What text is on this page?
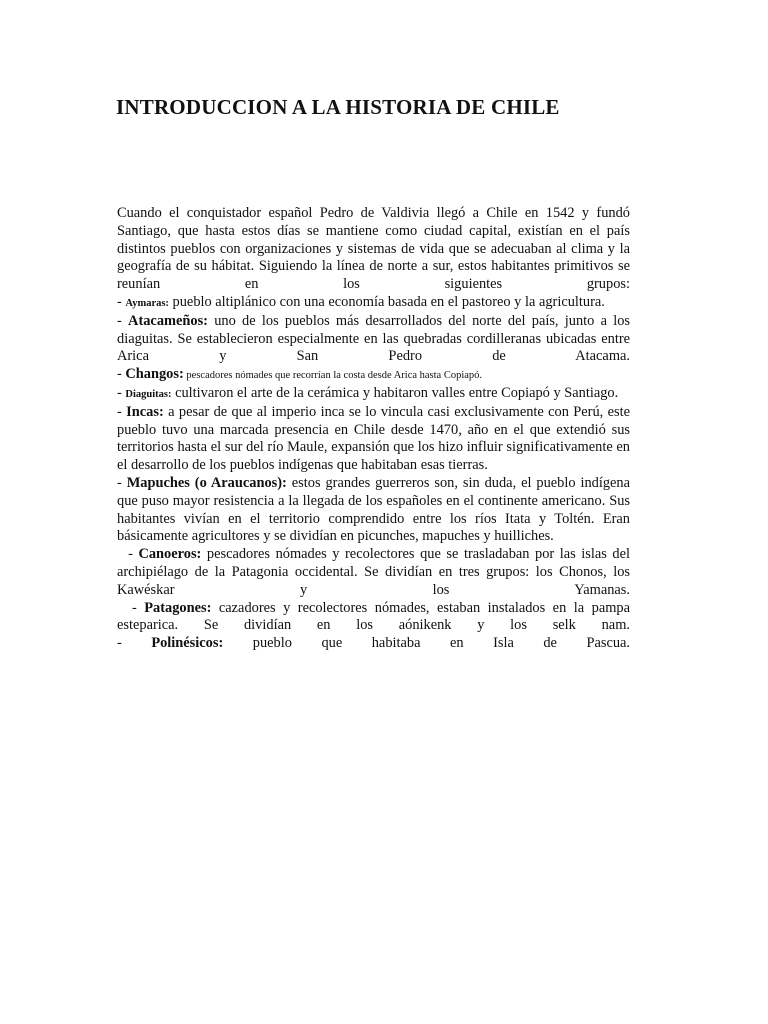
INTRODUCCION A LA HISTORIA DE CHILE

Cuando el conquistador español Pedro de Valdivia llegó a Chile en 1542 y fundó Santiago, que hasta estos días se mantiene como ciudad capital, existían en el país distintos pueblos con organizaciones y sistemas de vida que se adecuaban al clima y la geografía de su hábitat. Siguiendo la línea de norte a sur, estos habitantes primitivos se reunían en los siguientes grupos:

- Aymaras: pueblo altiplánico con una economía basada en el pastoreo y la agricultura.

- Atacameños: uno de los pueblos más desarrollados del norte del país, junto a los diaguitas. Se establecieron especialmente en las quebradas cordilleranas ubicadas entre Arica y San Pedro de Atacama.

- Changos: pescadores nómades que recorrían la costa desde Arica hasta Copiapó.

- Diaguitas: cultivaron el arte de la cerámica y habitaron valles entre Copiapó y Santiago.

- Incas: a pesar de que al imperio inca se lo vincula casi exclusivamente con Perú, este pueblo tuvo una marcada presencia en Chile desde 1470, año en el que extendió sus territorios hasta el sur del río Maule, expansión que los hizo influir significativamente en el desarrollo de los pueblos indígenas que habitaban esas tierras.

- Mapuches (o Araucanos): estos grandes guerreros son, sin duda, el pueblo indígena que puso mayor resistencia a la llegada de los españoles en el continente americano. Sus habitantes vivían en el territorio comprendido entre los ríos Itata y Toltén. Eran básicamente agricultores y se dividían en picunches, mapuches y huilliches.

- Canoeros: pescadores nómades y recolectores que se trasladaban por las islas del archipiélago de la Patagonia occidental. Se dividían en tres grupos: los Chonos, los Kawéskar y los Yamanas.

- Patagones: cazadores y recolectores nómades, estaban instalados en la pampa esteparica. Se dividían en los aónikenk y los selk nam.

- Polinésicos: pueblo que habitaba en Isla de Pascua.
